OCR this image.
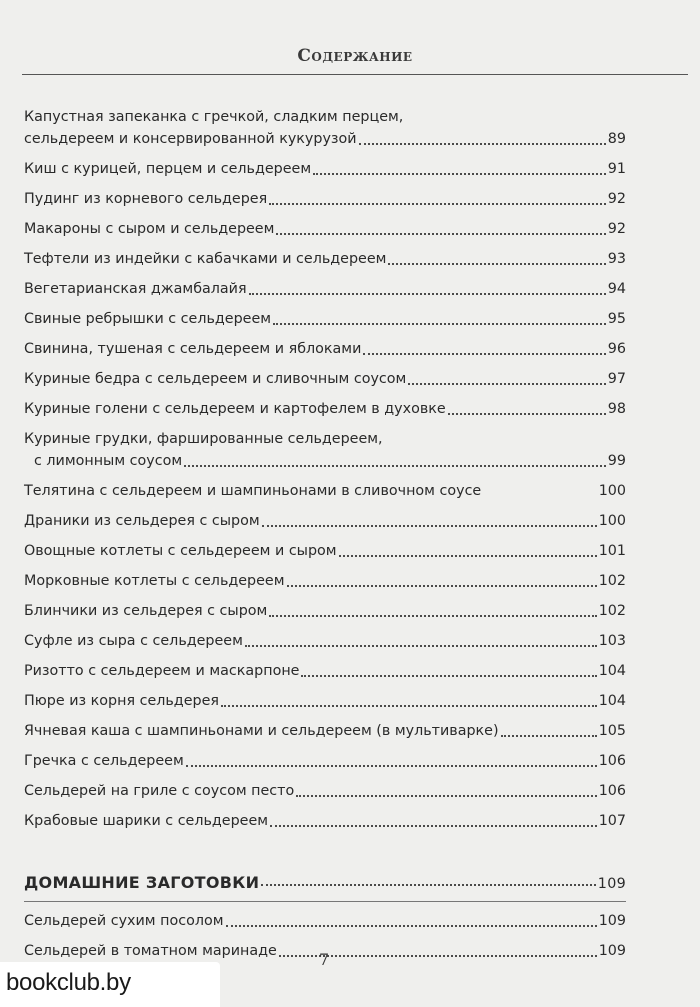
Содержание
Капустная запеканка с гречкой, сладким перцем,
сельдереем и консервированной кукурузой	89
Киш с курицей, перцем и сельдереем	91
Пудинг из корневого сельдерея	92
Макароны с сыром и сельдереем	92
Тефтели из индейки с кабачками и сельдереем	93
Вегетарианская джамбалайя	94
Свиные ребрышки с сельдереем	95
Свинина, тушеная с сельдереем и яблоками	96
Куриные бедра с сельдереем и сливочным соусом	97
Куриные голени с сельдереем и картофелем в духовке	98
Куриные грудки, фаршированные сельдереем,
с лимонным соусом	99
Телятина с сельдереем и шампиньонами в сливочном соусе	100
Драники из сельдерея с сыром	100
Овощные котлеты с сельдереем и сыром	101
Морковные котлеты с сельдереем	102
Блинчики из сельдерея с сыром	102
Суфле из сыра с сельдереем	103
Ризотто с сельдереем и маскарпоне	104
Пюре из корня сельдерея	104
Ячневая каша с шампиньонами и сельдереем (в мультиварке)	105
Гречка с сельдереем	106
Сельдерей на гриле с соусом песто	106
Крабовые шарики с сельдереем	107
ДОМАШНИЕ ЗАГОТОВКИ	109
Сельдерей сухим посолом	109
Сельдерей в томатном маринаде	109
7
bookclub.by
